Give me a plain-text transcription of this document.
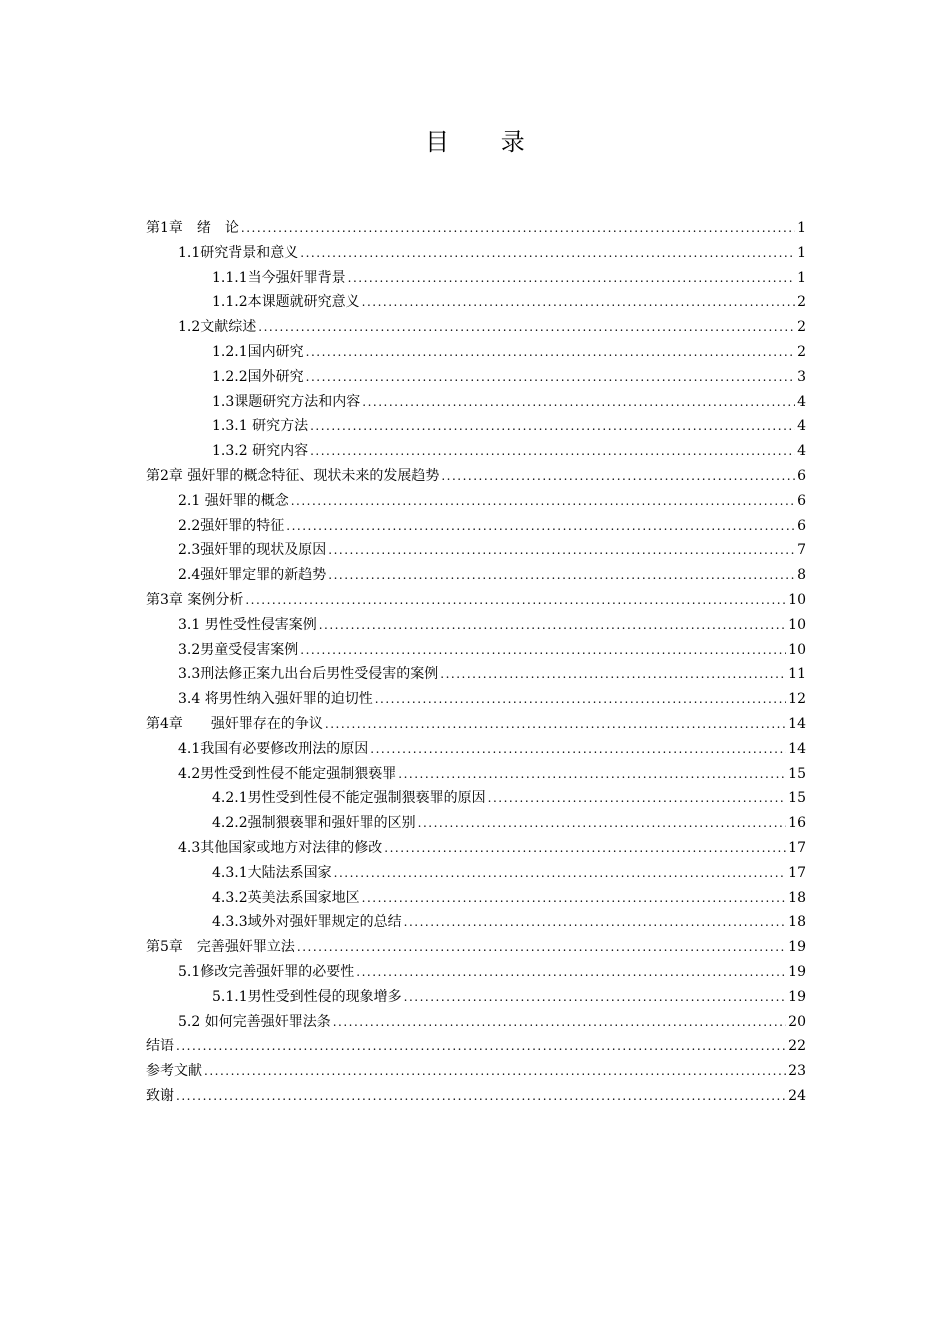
目 录
第1章　绪　论 .....	1
1.1研究背景和意义 .....	1
1.1.1当今强奸罪背景 .....	1
1.1.2本课题就研究意义 .....	2
1.2文献综述 .....	2
1.2.1国内研究 .....	2
1.2.2国外研究 .....	3
1.3课题研究方法和内容 .....	4
1.3.1 研究方法 .....	4
1.3.2 研究内容 .....	4
第2章 强奸罪的概念特征、现状未来的发展趋势 .....	6
2.1 强奸罪的概念 .....	6
2.2强奸罪的特征 .....	6
2.3强奸罪的现状及原因 .....	7
2.4强奸罪定罪的新趋势 .....	8
第3章 案例分析 .....	10
3.1 男性受性侵害案例 .....	10
3.2男童受侵害案例 .....	10
3.3刑法修正案九出台后男性受侵害的案例 .....	11
3.4 将男性纳入强奸罪的迫切性 .....	12
第4章　　强奸罪存在的争议 .....	14
4.1我国有必要修改刑法的原因 .....	14
4.2男性受到性侵不能定强制猥亵罪 .....	15
4.2.1男性受到性侵不能定强制猥亵罪的原因 .....	15
4.2.2强制猥亵罪和强奸罪的区别 .....	16
4.3其他国家或地方对法律的修改 .....	17
4.3.1大陆法系国家 .....	17
4.3.2英美法系国家地区 .....	18
4.3.3域外对强奸罪规定的总结 .....	18
第5章　完善强奸罪立法 .....	19
5.1修改完善强奸罪的必要性 .....	19
5.1.1男性受到性侵的现象增多 .....	19
5.2 如何完善强奸罪法条 .....	20
结语 .....	22
参考文献 .....	23
致谢 .....	24
